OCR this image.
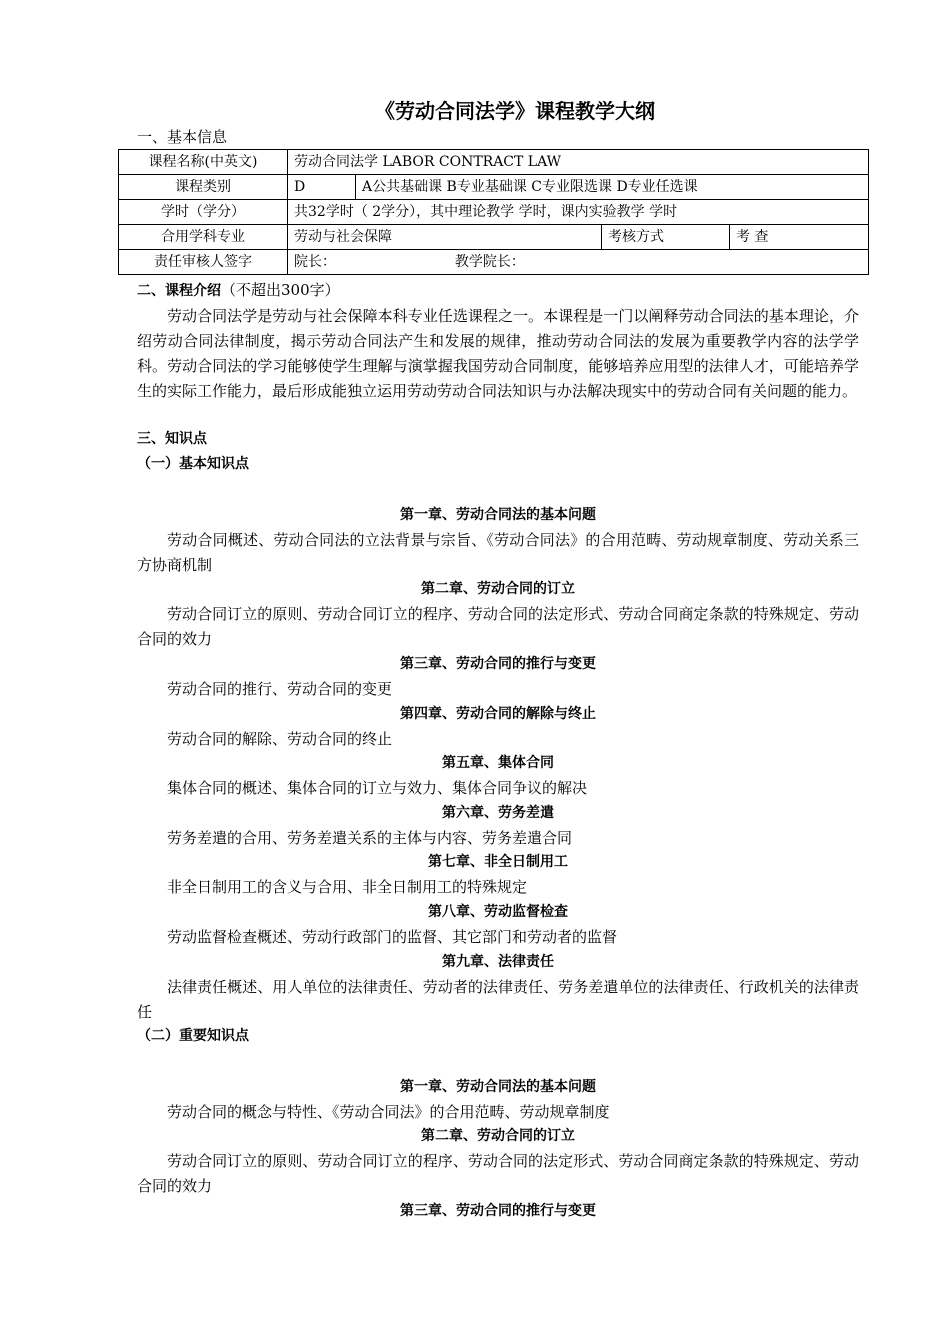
《劳动合同法学》课程教学大纲
一、基本信息
课程名称(中英文)	劳动合同法学 LABOR CONTRACT LAW			
课程类别	D	A公共基础课 B专业基础课 C专业限选课 D专业任选课		
学时（学分）	共32学时（ 2学分），其中理论教学 学时，课内实验教学 学时			
合用学科专业	劳动与社会保障		考核方式	考 查
责任审核人签字	院长： 教学院长：			
二、课程介绍（不超出300字）
劳动合同法学是劳动与社会保障本科专业任选课程之一。本课程是一门以阐释劳动合同法的基本理论，介绍劳动合同法律制度，揭示劳动合同法产生和发展的规律，推动劳动合同法的发展为重要教学内容的法学学科。劳动合同法的学习能够使学生理解与演掌握我国劳动合同制度，能够培养应用型的法律人才，可能培养学生的实际工作能力，最后形成能独立运用劳动劳动合同法知识与办法解决现实中的劳动合同有关问题的能力。
三、知识点
（一）基本知识点
第一章、劳动合同法的基本问题
劳动合同概述、劳动合同法的立法背景与宗旨、《劳动合同法》的合用范畴、劳动规章制度、劳动关系三方协商机制
第二章、劳动合同的订立
劳动合同订立的原则、劳动合同订立的程序、劳动合同的法定形式、劳动合同商定条款的特殊规定、劳动合同的效力
第三章、劳动合同的推行与变更
劳动合同的推行、劳动合同的变更
第四章、劳动合同的解除与终止
劳动合同的解除、劳动合同的终止
第五章、集体合同
集体合同的概述、集体合同的订立与效力、集体合同争议的解决
第六章、劳务差遣
劳务差遣的合用、劳务差遣关系的主体与内容、劳务差遣合同
第七章、非全日制用工
非全日制用工的含义与合用、非全日制用工的特殊规定
第八章、劳动监督检查
劳动监督检查概述、劳动行政部门的监督、其它部门和劳动者的监督
第九章、法律责任
法律责任概述、用人单位的法律责任、劳动者的法律责任、劳务差遣单位的法律责任、行政机关的法律责任
（二）重要知识点
第一章、劳动合同法的基本问题
劳动合同的概念与特性、《劳动合同法》的合用范畴、劳动规章制度
第二章、劳动合同的订立
劳动合同订立的原则、劳动合同订立的程序、劳动合同的法定形式、劳动合同商定条款的特殊规定、劳动合同的效力
第三章、劳动合同的推行与变更
